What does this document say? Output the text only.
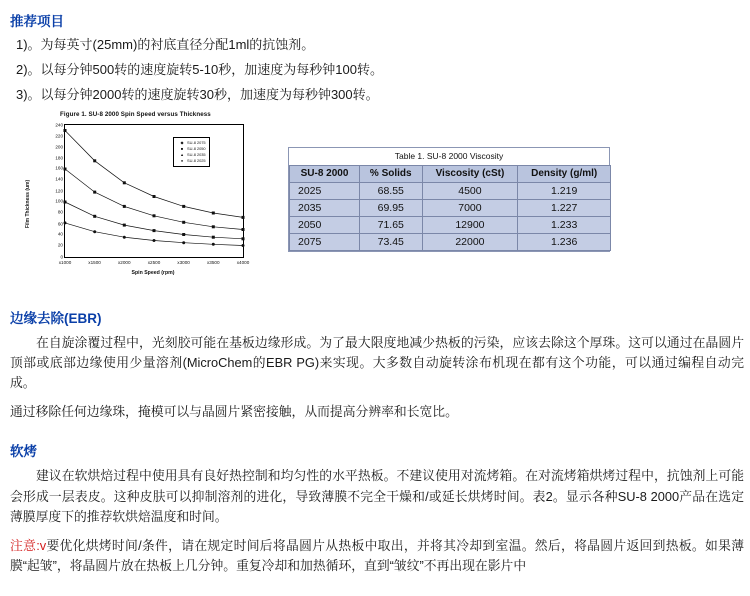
推荐项目
1)。为每英寸(25mm)的衬底直径分配1ml的抗蚀剂。
2)。以每分钟500转的速度旋转5-10秒，加速度为每秒钟100转。
3)。以每分钟2000转的速度旋转30秒，加速度为每秒钟300转。
Figure 1. SU-8 2000 Spin Speed versus Thickness
Film Thickness (um)
240
220
200
180
160
140
120
100
80
60
40
20
0
x1000	x1500	x2000	x2500	x3000	x3500	x4000
◆ SU-8 2075
■ SU-8 2050
▲ SU-8 2035
● SU-8 2025
Spin Speed (rpm)
Table 1. SU-8 2000 Viscosity
SU-8 2000	% Solids	Viscosity (cSt)	Density (g/ml)
2025	68.55	4500	1.219
2035	69.95	7000	1.227
2050	71.65	12900	1.233
2075	73.45	22000	1.236
边缘去除(EBR)
在自旋涂覆过程中，光刻胶可能在基板边缘形成。为了最大限度地减少热板的污染，应该去除这个厚珠。这可以通过在晶圆片顶部或底部边缘使用少量溶剂(MicroChem的EBR PG)来实现。大多数自动旋转涂布机现在都有这个功能，可以通过编程自动完成。
通过移除任何边缘珠，掩模可以与晶圆片紧密接触，从而提高分辨率和长宽比。
软烤
建议在软烘焙过程中使用具有良好热控制和均匀性的水平热板。不建议使用对流烤箱。在对流烤箱烘烤过程中，抗蚀剂上可能会形成一层表皮。这种皮肤可以抑制溶剂的进化，导致薄膜不完全干燥和/或延长烘烤时间。表2。显示各种SU-8 2000产品在选定薄膜厚度下的推荐软烘焙温度和时间。
注意:v要优化烘烤时间/条件，请在规定时间后将晶圆片从热板中取出，并将其冷却到室温。然后，将晶圆片返回到热板。如果薄膜“起皱”，将晶圆片放在热板上几分钟。重复冷却和加热循环，直到“皱纹”不再出现在影片中
